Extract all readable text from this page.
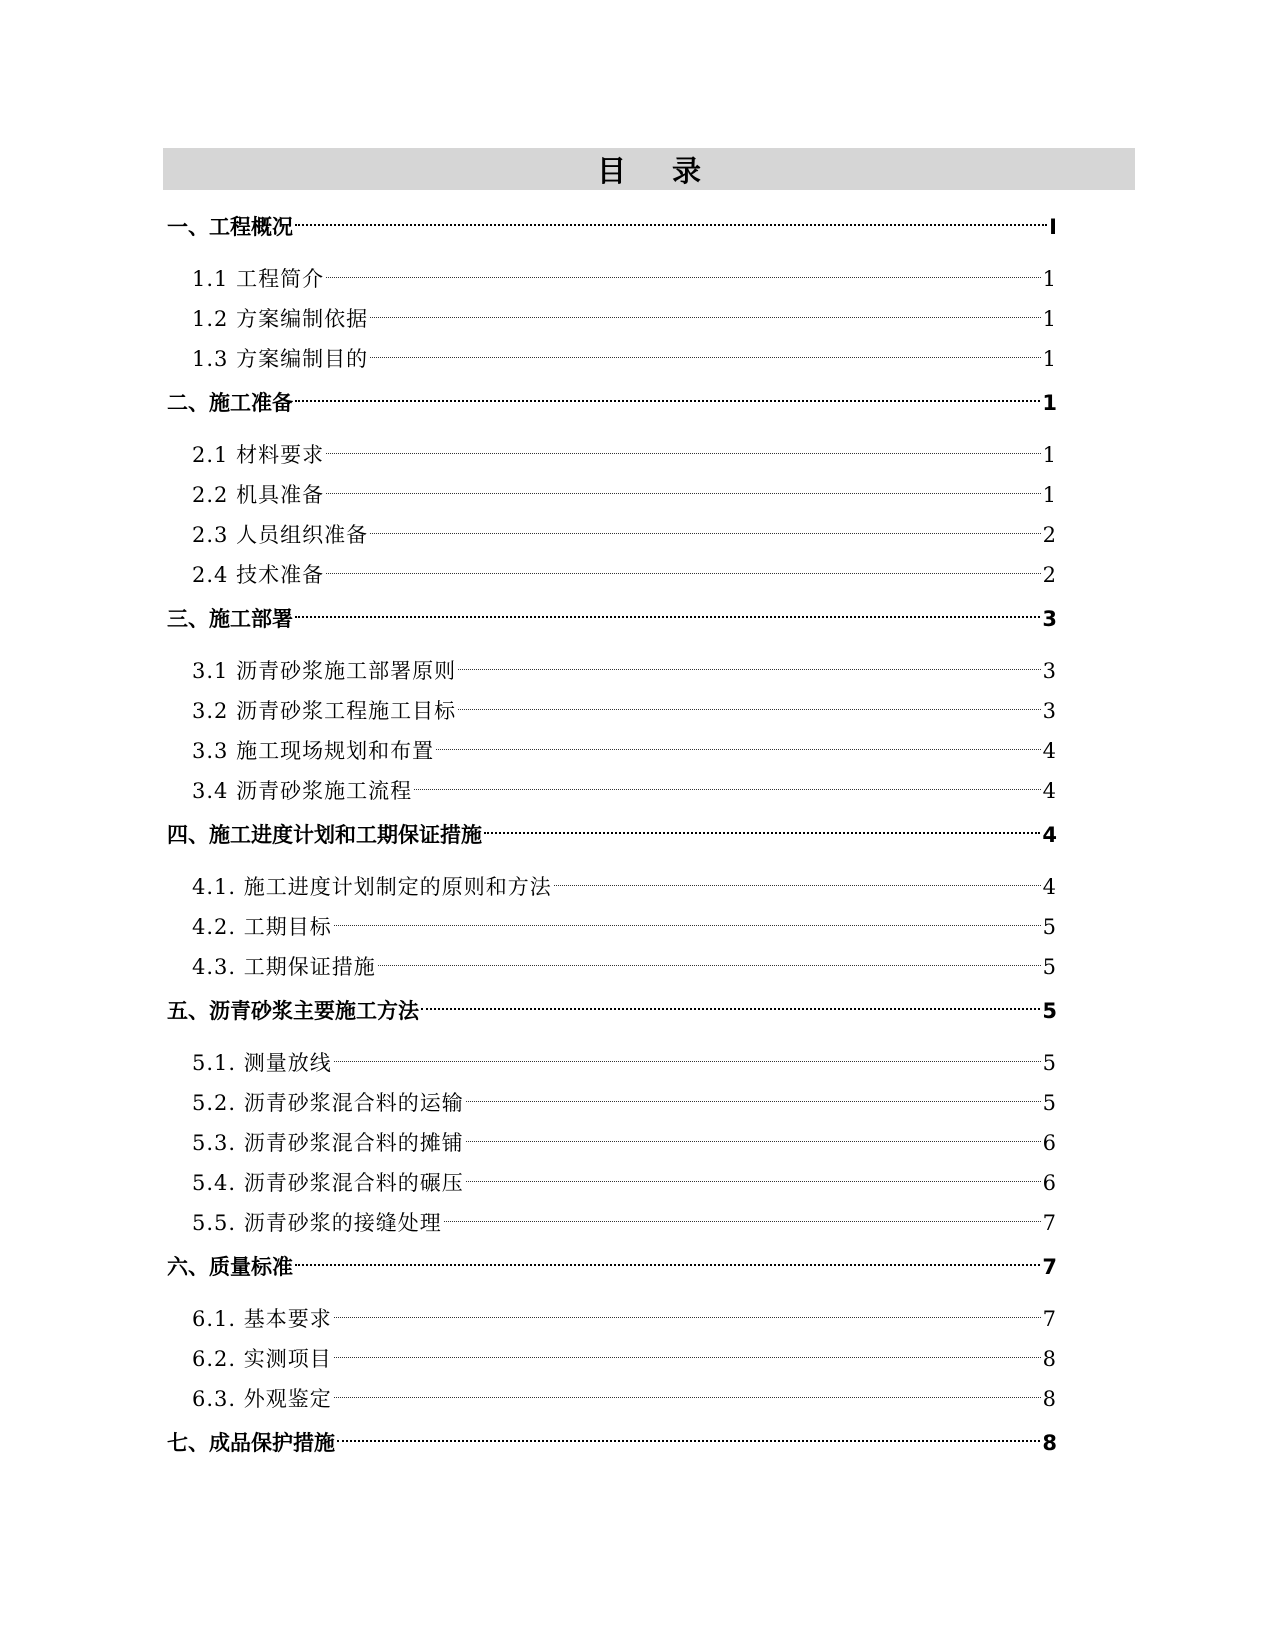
目 录
一、工程概况	I
1.1 工程简介	1
1.2 方案编制依据	1
1.3 方案编制目的	1
二、施工准备	1
2.1 材料要求	1
2.2 机具准备	1
2.3 人员组织准备	2
2.4 技术准备	2
三、施工部署	3
3.1 沥青砂浆施工部署原则	3
3.2 沥青砂浆工程施工目标	3
3.3 施工现场规划和布置	4
3.4 沥青砂浆施工流程	4
四、施工进度计划和工期保证措施	4
4.1. 施工进度计划制定的原则和方法	4
4.2. 工期目标	5
4.3. 工期保证措施	5
五、沥青砂浆主要施工方法	5
5.1. 测量放线	5
5.2. 沥青砂浆混合料的运输	5
5.3. 沥青砂浆混合料的摊铺	6
5.4. 沥青砂浆混合料的碾压	6
5.5. 沥青砂浆的接缝处理	7
六、质量标准	7
6.1. 基本要求	7
6.2. 实测项目	8
6.3. 外观鉴定	8
七、成品保护措施	8
